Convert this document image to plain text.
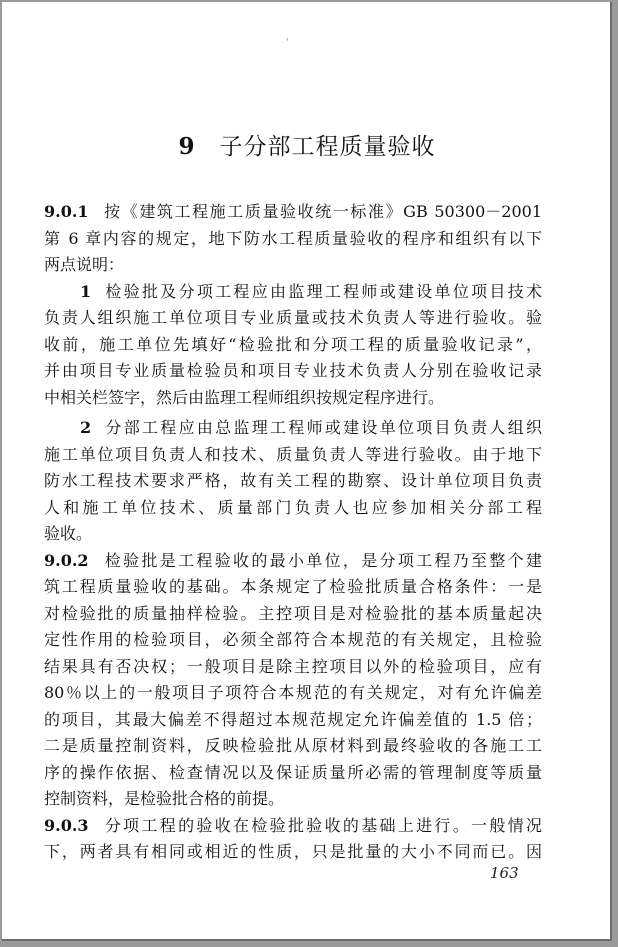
'
9 子分部工程质量验收
9.0.1 按《建筑工程施工质量验收统一标准》GB 50300－2001
第 6 章内容的规定，地下防水工程质量验收的程序和组织有以下
两点说明：
1 检验批及分项工程应由监理工程师或建设单位项目技术
负责人组织施工单位项目专业质量或技术负责人等进行验收。验
收前，施工单位先填好“检验批和分项工程的质量验收记录”，
并由项目专业质量检验员和项目专业技术负责人分别在验收记录
中相关栏签字，然后由监理工程师组织按规定程序进行。
2 分部工程应由总监理工程师或建设单位项目负责人组织
施工单位项目负责人和技术、质量负责人等进行验收。由于地下
防水工程技术要求严格，故有关工程的勘察、设计单位项目负责
人和施工单位技术、质量部门负责人也应参加相关分部工程
验收。
9.0.2 检验批是工程验收的最小单位，是分项工程乃至整个建
筑工程质量验收的基础。本条规定了检验批质量合格条件：一是
对检验批的质量抽样检验。主控项目是对检验批的基本质量起决
定性作用的检验项目，必须全部符合本规范的有关规定，且检验
结果具有否决权；一般项目是除主控项目以外的检验项目，应有
80％以上的一般项目子项符合本规范的有关规定，对有允许偏差
的项目，其最大偏差不得超过本规范规定允许偏差值的 1.5 倍；
二是质量控制资料，反映检验批从原材料到最终验收的各施工工
序的操作依据、检查情况以及保证质量所必需的管理制度等质量
控制资料，是检验批合格的前提。
9.0.3 分项工程的验收在检验批验收的基础上进行。一般情况
下，两者具有相同或相近的性质，只是批量的大小不同而已。因
163
